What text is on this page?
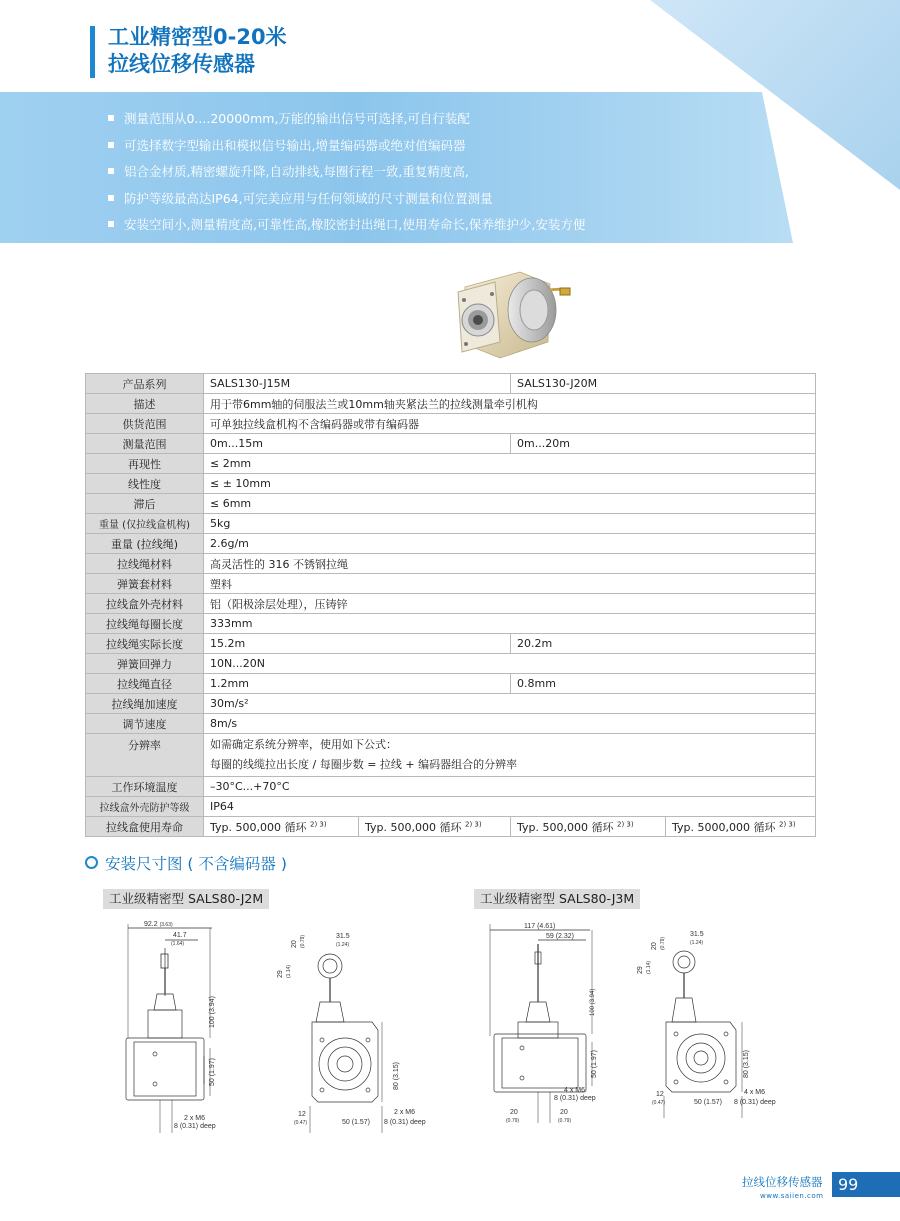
工业精密型0-20米
拉线位移传感器
测量范围从0....20000mm,万能的输出信号可选择,可自行装配
可选择数字型输出和模拟信号输出,增量编码器或绝对值编码器
铝合金材质,精密螺旋升降,自动排线,每圈行程一致,重复精度高,
防护等级最高达IP64,可完美应用与任何领域的尺寸测量和位置测量
安装空间小,测量精度高,可靠性高,橡胶密封出绳口,使用寿命长,保养维护少,安装方便
产品系列	SALS130-J15M		SALS130-J20M	
描述	用于带6mm轴的伺服法兰或10mm轴夹紧法兰的拉线测量牵引机构			
供货范围	可单独拉线盒机构不含编码器或带有编码器			
测量范围	0m...15m		0m...20m	
再现性	≤ 2mm			
线性度	≤ ± 10mm			
滞后	≤ 6mm			
重量 (仅拉线盒机构)	5kg			
重量 (拉线绳)	2.6g/m			
拉线绳材料	高灵活性的 316 不锈钢拉绳			
弹簧套材料	塑料			
拉线盒外壳材料	铝（阳极涂层处理），压铸锌			
拉线绳每圈长度	333mm			
拉线绳实际长度	15.2m		20.2m	
弹簧回弹力	10N...20N			
拉线绳直径	1.2mm		0.8mm	
拉线绳加速度	30m/s²			
调节速度	8m/s			
分辨率	如需确定系统分辨率，使用如下公式：
每圈的线缆拉出长度 / 每圈步数 = 拉线 + 编码器组合的分辨率			

工作环境温度	–30°C...+70°C			
拉线盒外壳防护等级	IP64			
拉线盒使用寿命	Typ. 500,000 循环 $^{2) 3)}$	Typ. 500,000 循环 $^{2) 3)}$	Typ. 500,000 循环 $^{2) 3)}$	Typ. 5000,000 循环 $^{2) 3)}$
安装尺寸图 ( 不含编码器 )
工业级精密型 SALS80-J2M	工业级精密型 SALS80-J3M
92.2 (3.63)
41.7
(1.64)
100 (3.94)
50 (1.97)
2 x M6
8 (0.31) deep
20 (0.79)	31.5
(1.24)
29 (1.14)
80 (3.15)
12
(0.47)	50 (1.57)
2 x M6
8 (0.31) deep
117 (4.61)
59 (2.32)
100 (3.94)
50 (1.97)
4 x M6
8 (0.31) deep
20
(0.79)
20
(0.79)
20 (0.79)
31.5
(1.24)
29 (1.14)
80 (3.15)
12
(0.47)	50 (1.57)
4 x M6
8 (0.31) deep
拉线位移传感器
www.saiien.com
99
